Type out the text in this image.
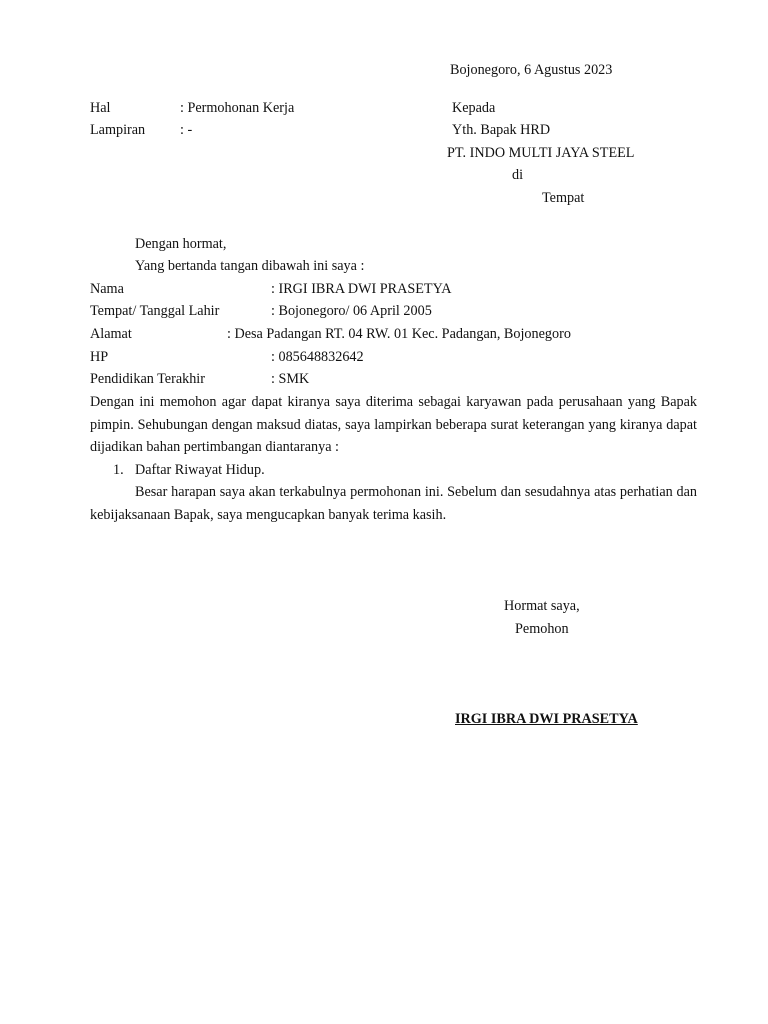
Bojonegoro, 6 Agustus 2023
Hal	: Permohonan Kerja	Kepada
Lampiran : -	Yth. Bapak HRD
PT. INDO MULTI JAYA STEEL
di
Tempat
Dengan hormat,
Yang bertanda tangan dibawah ini saya :
Nama	: IRGI IBRA DWI PRASETYA
Tempat/ Tanggal Lahir	: Bojonegoro/ 06 April 2005
Alamat	: Desa Padangan RT. 04 RW. 01 Kec. Padangan, Bojonegoro
HP	: 085648832642
Pendidikan Terakhir	: SMK
Dengan ini memohon agar dapat kiranya saya diterima sebagai karyawan pada perusahaan yang Bapak pimpin. Sehubungan dengan maksud diatas, saya lampirkan beberapa surat keterangan yang kiranya dapat dijadikan bahan pertimbangan diantaranya :
1. Daftar Riwayat Hidup.
Besar harapan saya akan terkabulnya permohonan ini. Sebelum dan sesudahnya atas perhatian dan kebijaksanaan Bapak, saya mengucapkan banyak terima kasih.
Hormat saya,
Pemohon
IRGI IBRA DWI PRASETYA
